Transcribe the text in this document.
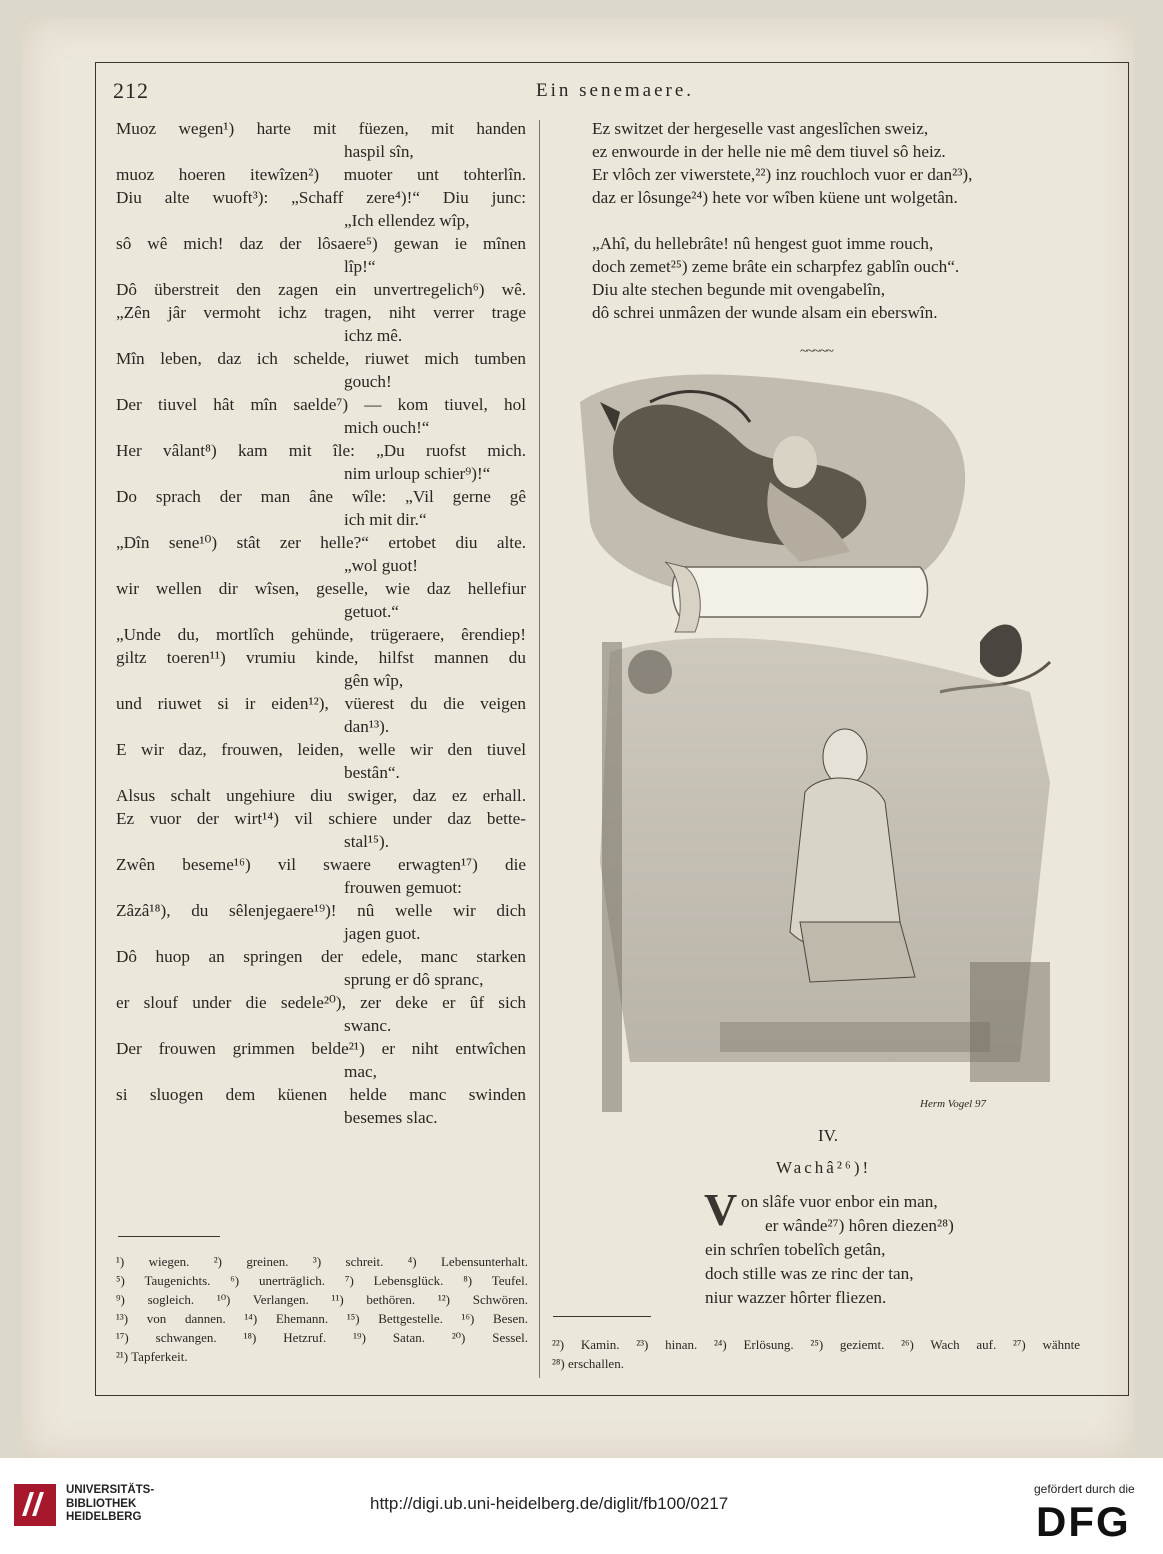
212	Ein senemaere.
Muoz wegen¹) harte mit füezen, mit handen
haspil sîn,
muoz hoeren itewîzen²) muoter unt tohterlîn.
Diu alte wuoft³): „Schaff zere⁴)!“ Diu junc:
„Ich ellendez wîp,
sô wê mich! daz der lôsaere⁵) gewan ie mînen
lîp!“
Dô überstreit den zagen ein unvertregelich⁶) wê.
„Zên jâr vermoht ichz tragen, niht verrer trage
ichz mê.
Mîn leben, daz ich schelde, riuwet mich tumben
gouch!
Der tiuvel hât mîn saelde⁷) — kom tiuvel, hol
mich ouch!“
Her vâlant⁸) kam mit île: „Du ruofst mich.
nim urloup schier⁹)!“
Do sprach der man âne wîle: „Vil gerne gê
ich mit dir.“
„Dîn sene¹⁰) stât zer helle?“ ertobet diu alte.
„wol guot!
wir wellen dir wîsen, geselle, wie daz hellefiur
getuot.“
„Unde du, mortlîch gehünde, trügeraere, êrendiep!
giltz toeren¹¹) vrumiu kinde, hilfst mannen du
gên wîp,
und riuwet si ir eiden¹²), vüerest du die veigen
dan¹³).
E wir daz, frouwen, leiden, welle wir den tiuvel
bestân“.
Alsus schalt ungehiure diu swiger, daz ez erhall.
Ez vuor der wirt¹⁴) vil schiere under daz bette-
stal¹⁵).
Zwên beseme¹⁶) vil swaere erwagten¹⁷) die
frouwen gemuot:
Zâzâ¹⁸), du sêlenjegaere¹⁹)! nû welle wir dich
jagen guot.
Dô huop an springen der edele, manc starken
sprung er dô spranc,
er slouf under die sedele²⁰), zer deke er ûf sich
swanc.
Der frouwen grimmen belde²¹) er niht entwîchen
mac,
si sluogen dem küenen helde manc swinden
besemes slac.
Ez switzet der hergeselle vast angeslîchen sweiz,
ez enwourde in der helle nie mê dem tiuvel sô heiz.
Er vlôch zer viwerstete,²²) inz rouchloch vuor er dan²³),
daz er lôsunge²⁴) hete vor wîben küene unt wolgetân.
„Ahî, du hellebrâte! nû hengest guot imme rouch,
doch zemet²⁵) zeme brâte ein scharpfez gablîn ouch“.
Diu alte stechen begunde mit ovengabelîn,
dô schrei unmâzen der wunde alsam ein eberswîn.
~~~~~
Herm Vogel 97
IV.
Wachâ²⁶)!
V on slâfe vuor enbor ein man,
er wânde²⁷) hôren diezen²⁸)
ein schrîen tobelîch getân,
doch stille was ze rinc der tan,
niur wazzer hôrter fliezen.
¹) wiegen. ²) greinen. ³) schreit. ⁴) Lebensunterhalt.
⁵) Taugenichts. ⁶) unerträglich. ⁷) Lebensglück. ⁸) Teufel.
⁹) sogleich. ¹⁰) Verlangen. ¹¹) bethören. ¹²) Schwören.
¹³) von dannen. ¹⁴) Ehemann. ¹⁵) Bettgestelle. ¹⁶) Besen.
¹⁷) schwangen. ¹⁸) Hetzruf. ¹⁹) Satan. ²⁰) Sessel.
²¹) Tapferkeit.
²²) Kamin. ²³) hinan. ²⁴) Erlösung. ²⁵) geziemt. ²⁶) Wach auf. ²⁷) wähnte
²⁸) erschallen.
UNIVERSITÄTS-
BIBLIOTHEK
HEIDELBERG
http://digi.ub.uni-heidelberg.de/diglit/fb100/0217
gefördert durch die
DFG
